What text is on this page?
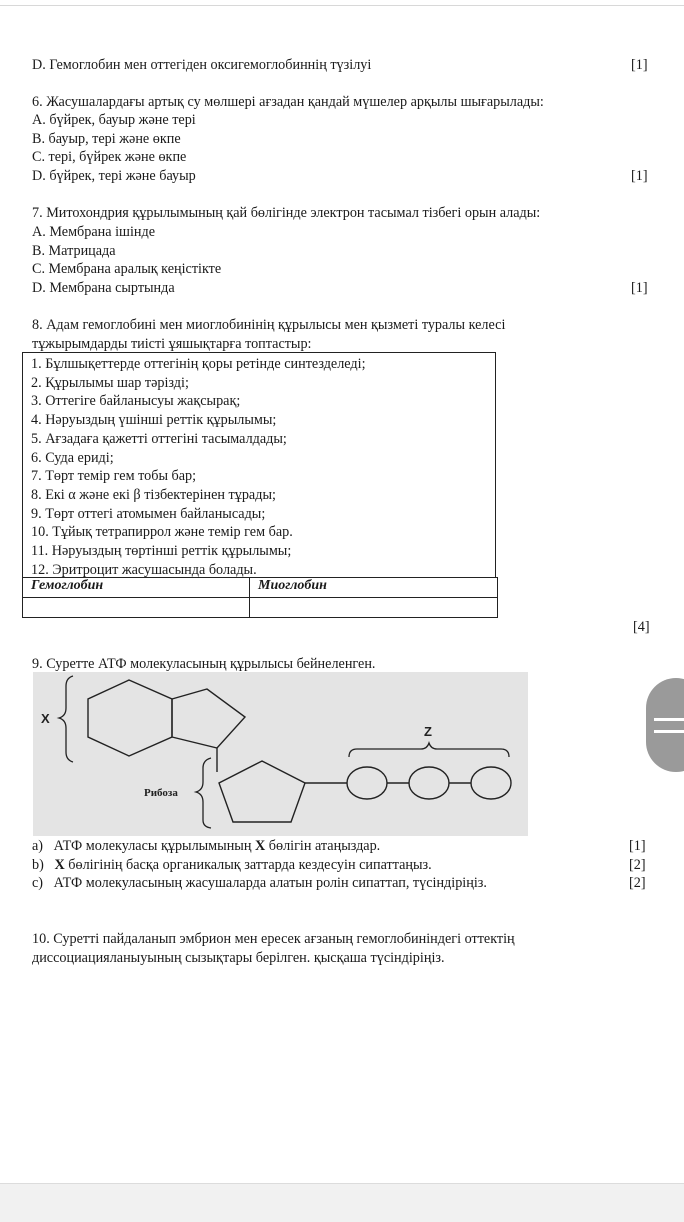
D. Гемоглобин мен оттегіден оксигемоглобиннің түзілуі	[1]
6. Жасушалардағы артық су мөлшері ағзадан қандай мүшелер арқылы шығарылады:
A. бүйрек, бауыр және тері
B. бауыр, тері және өкпе
C. тері, бүйрек және өкпе
D. бүйрек, тері және бауыр	[1]
7. Митохондрия құрылымының қай бөлігінде электрон тасымал тізбегі орын алады:
A. Мембрана ішінде
B. Матрицада
C. Мембрана аралық кеңістікте
D. Мембрана сыртында	[1]
8. Адам гемоглобині мен миоглобинінің құрылысы мен қызметі туралы келесі
тұжырымдарды тиісті ұяшықтарға топтастыр:
1. Бұлшықеттерде оттегінің қоры ретінде синтезделеді;
2. Құрылымы шар тәрізді;
3. Оттегіге байланысуы жақсырақ;
4. Нәруыздың үшінші реттік құрылымы;
5. Ағзадаға қажетті оттегіні тасымалдады;
6. Суда ериді;
7. Төрт темір гем тобы бар;
8. Екі α және екі β тізбектерінен тұрады;
9. Төрт оттегі атомымен байланысады;
10. Тұйық тетрапиррол және темір гем бар.
11. Нәруыздың төртінші реттік құрылымы;
12. Эритроцит жасушасында болады.
Гемоглобин	Миоглобин

[4]
9. Суретте АТФ молекуласының құрылысы бейнеленген.
X
Рибоза
Z
a) АТФ молекуласы құрылымының X бөлігін атаңыздар.	[1]
b) X бөлігінің басқа органикалық заттарда кездесуін сипаттаңыз.	[2]
c) АТФ молекуласының жасушаларда алатын ролін сипаттап, түсіндіріңіз.	[2]
10. Суретті пайдаланып эмбрион мен ересек ағзаның гемоглобиніндегі оттектің
диссоциацияланыуының сызықтары берілген. қысқаша түсіндіріңіз.
